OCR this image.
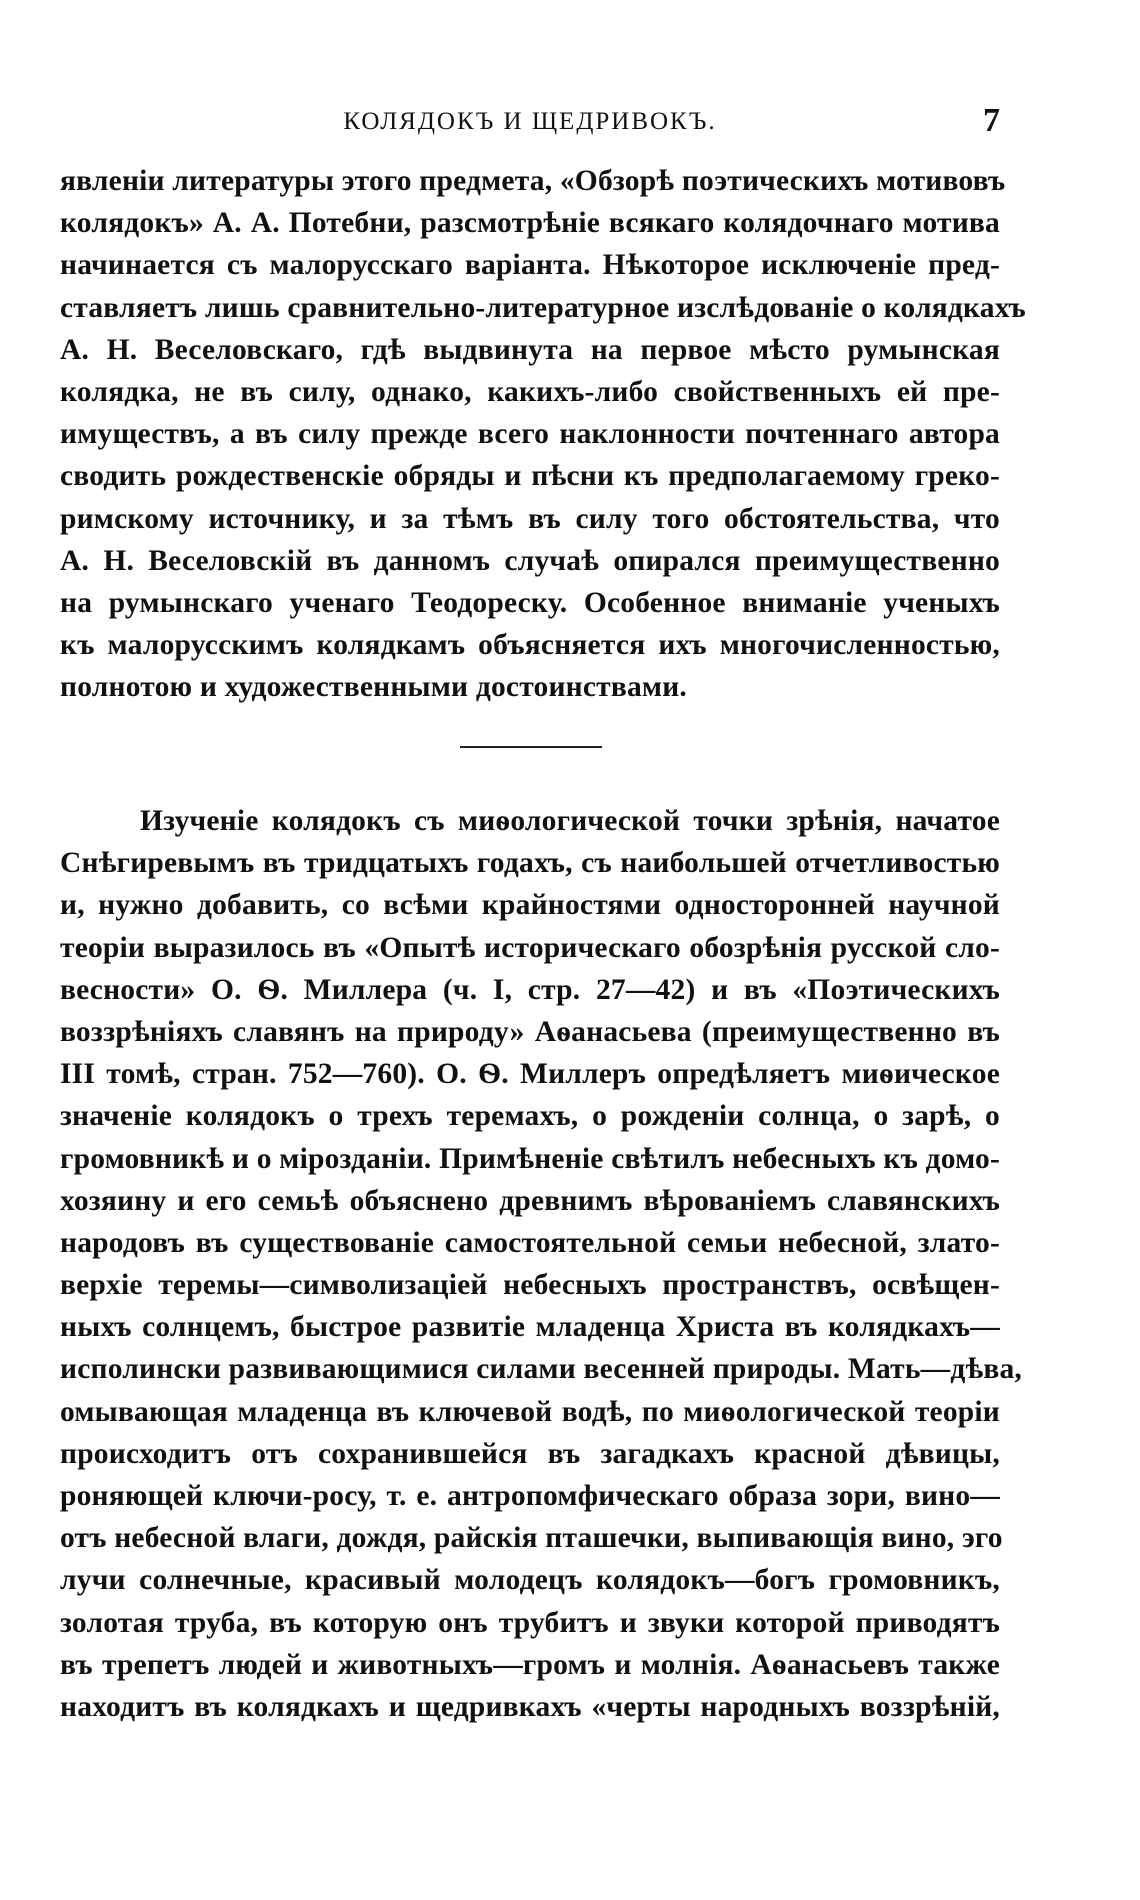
КОЛЯДОКЪ И ЩЕДРИВОКЪ.	7
явленіи литературы этого предмета, «Обзорѣ поэтическихъ мотивовъ
колядокъ» А. А. Потебни, разсмотрѣніе всякаго колядочнаго мотива
начинается съ малорусскаго варіанта. Нѣкоторое исключеніе пред-
ставляетъ лишь сравнительно-литературное изслѣдованіе о колядкахъ
А. Н. Веселовскаго, гдѣ выдвинута на первое мѣсто румынская
колядка, не въ силу, однако, какихъ-либо свойственныхъ ей пре-
имуществъ, а въ силу прежде всего наклонности почтеннаго автора
сводить рождественскіе обряды и пѣсни къ предполагаемому греко-
римскому источнику, и за тѣмъ въ силу того обстоятельства, что
А. Н. Веселовскій въ данномъ случаѣ опирался преимущественно
на румынскаго ученаго Теодореску. Особенное вниманіе ученыхъ
къ малорусскимъ колядкамъ объясняется ихъ многочисленностью,
полнотою и художественными достоинствами.
Изученіе колядокъ съ миѳологической точки зрѣнія, начатое
Снѣгиревымъ въ тридцатыхъ годахъ, съ наибольшей отчетливостью
и, нужно добавить, со всѣми крайностями односторонней научной
теоріи выразилось въ «Опытѣ историческаго обозрѣнія русской сло-
весности» О. Ѳ. Миллера (ч. I, стр. 27—42) и въ «Поэтическихъ
воззрѣніяхъ славянъ на природу» Аѳанасьева (преимущественно въ
III томѣ, стран. 752—760). О. Ѳ. Миллеръ опредѣляетъ миѳическое
значеніе колядокъ о трехъ теремахъ, о рожденіи солнца, о зарѣ, о
громовникѣ и о мірозданіи. Примѣненіе свѣтилъ небесныхъ къ домо-
хозяину и его семьѣ объяснено древнимъ вѣрованіемъ славянскихъ
народовъ въ существованіе самостоятельной семьи небесной, злато-
верхіе теремы—символизаціей небесныхъ пространствъ, освѣщен-
ныхъ солнцемъ, быстрое развитіе младенца Христа въ колядкахъ—
исполински развивающимися силами весенней природы. Мать—дѣва,
омывающая младенца въ ключевой водѣ, по миѳологической теоріи
происходитъ отъ сохранившейся въ загадкахъ красной дѣвицы,
роняющей ключи-росу, т. е. антропомфическаго образа зори, вино—
отъ небесной влаги, дождя, райскія пташечки, выпивающія вино, эго
лучи солнечные, красивый молодецъ колядокъ—богъ громовникъ,
золотая труба, въ которую онъ трубитъ и звуки которой приводятъ
въ трепетъ людей и животныхъ—громъ и молнія. Аѳанасьевъ также
находитъ въ колядкахъ и щедривкахъ «черты народныхъ воззрѣній,
